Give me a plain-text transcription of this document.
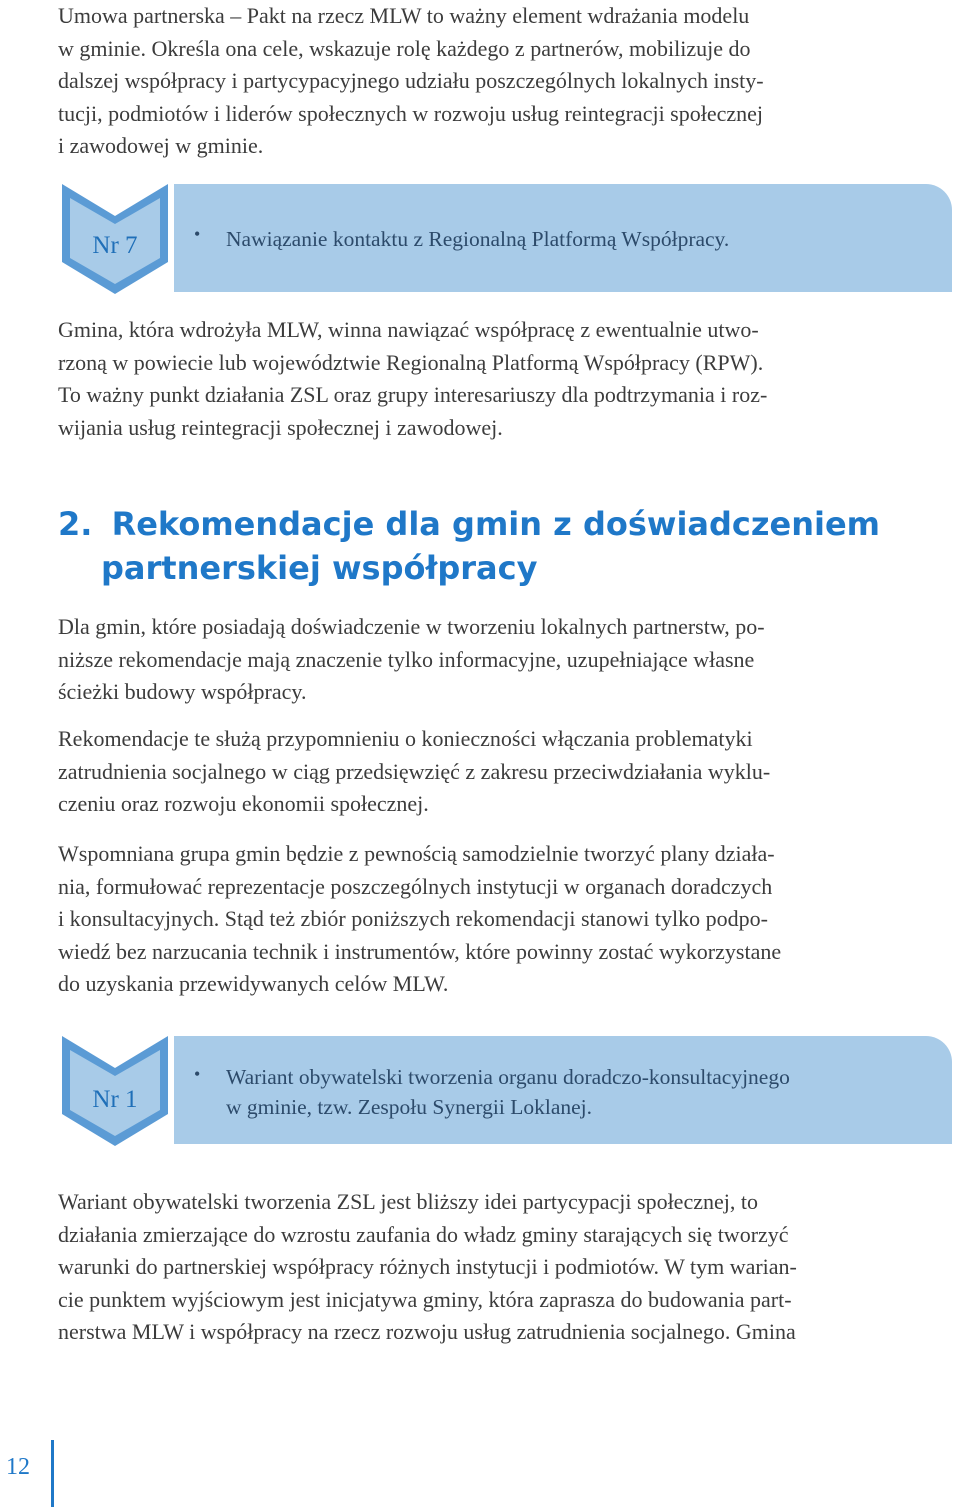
Umowa partnerska – Pakt na rzecz MLW to ważny element wdrażania modelu
w gminie. Określa ona cele, wskazuje rolę każdego z partnerów, mobilizuje do
dalszej współpracy i partycypacyjnego udziału poszczególnych lokalnych insty-
tucji, podmiotów i liderów społecznych w rozwoju usług reintegracji społecznej
i zawodowej w gminie.
Nr 7	• Nawiązanie kontaktu z Regionalną Platformą Współpracy.
Gmina, która wdrożyła MLW, winna nawiązać współpracę z ewentualnie utwo-
rzoną w powiecie lub województwie Regionalną Platformą Współpracy (RPW).
To ważny punkt działania ZSL oraz grupy interesariuszy dla podtrzymania i roz-
wijania usług reintegracji społecznej i zawodowej.
2. Rekomendacje dla gmin z doświadczeniem
partnerskiej współpracy
Dla gmin, które posiadają doświadczenie w tworzeniu lokalnych partnerstw, po-
niższe rekomendacje mają znaczenie tylko informacyjne, uzupełniające własne
ścieżki budowy współpracy.
Rekomendacje te służą przypomnieniu o konieczności włączania problematyki
zatrudnienia socjalnego w ciąg przedsięwzięć z zakresu przeciwdziałania wyklu-
czeniu oraz rozwoju ekonomii społecznej.
Wspomniana grupa gmin będzie z pewnością samodzielnie tworzyć plany działa-
nia, formułować reprezentacje poszczególnych instytucji w organach doradczych
i konsultacyjnych. Stąd też zbiór poniższych rekomendacji stanowi tylko podpo-
wiedź bez narzucania technik i instrumentów, które powinny zostać wykorzystane
do uzyskania przewidywanych celów MLW.
Nr 1
• Wariant obywatelski tworzenia organu doradczo-konsultacyjnego
w gminie, tzw. Zespołu Synergii Loklanej.
Wariant obywatelski tworzenia ZSL jest bliższy idei partycypacji społecznej, to
działania zmierzające do wzrostu zaufania do władz gminy starających się tworzyć
warunki do partnerskiej współpracy różnych instytucji i podmiotów. W tym warian-
cie punktem wyjściowym jest inicjatywa gminy, która zaprasza do budowania part-
nerstwa MLW i współpracy na rzecz rozwoju usług zatrudnienia socjalnego. Gmina
12
